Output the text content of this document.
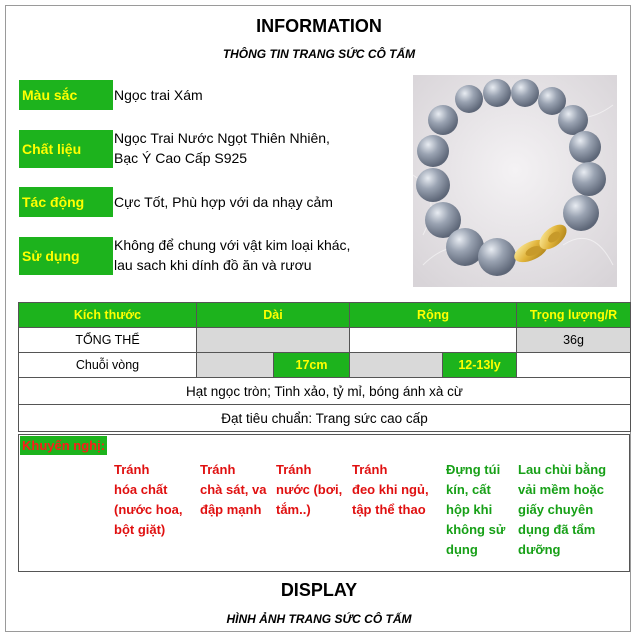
INFORMATION
THÔNG TIN TRANG SỨC CÔ TẤM
Màu sắc	Ngọc trai Xám
Chất liệu
Ngọc Trai Nước Ngọt Thiên Nhiên,
Bạc Ý Cao Cấp S925
Tác động	Cực Tốt, Phù hợp với da nhạy cảm
Sử dụng
Không để chung với vật kim loại khác,
lau sach khi dính đồ ăn và rươu
Kích thước	Dài		Rộng		Trọng lượng/R
TỔNG THỂ					36g
Chuỗi vòng		17cm		12-13ly	
Hạt ngọc tròn; Tinh xảo, tỷ mỉ, bóng ánh xà cừ					
Đạt tiêu chuẩn: Trang sức cao cấp					
Khuyến nghị:
Tránh
hóa chất
(nước hoa,
bột giặt)
Tránh
chà sát, va
đập mạnh
Tránh
nước (bơi,
tắm..)
Tránh
đeo khi ngủ,
tập thể thao
Đựng túi
kín, cất
hộp khi
không sử
dụng
Lau chùi bằng
vải mềm hoặc
giấy chuyên
dụng đã tẩm
dưỡng
DISPLAY
HÌNH ẢNH TRANG SỨC CÔ TẤM
